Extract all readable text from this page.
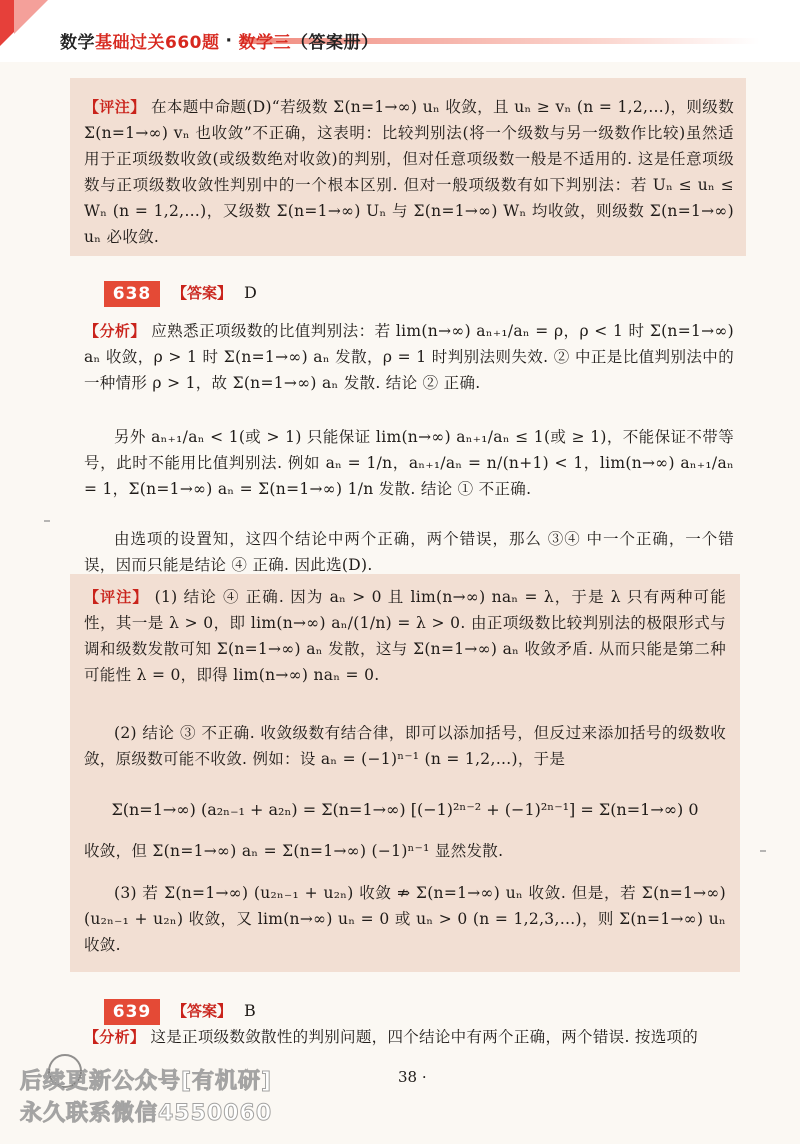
数学 基础过关660题 · 数学三 （答案册）

【评注】 在本题中命题(D)“若级数 Σ(n=1→∞) uₙ 收敛，且 uₙ ≥ vₙ (n = 1,2,…)，则级数 Σ(n=1→∞) vₙ 也收敛”不正确，这表明：比较判别法(将一个级数与另一级数作比较)虽然适用于正项级数收敛(或级数绝对收敛)的判别，但对任意项级数一般是不适用的. 这是任意项级数与正项级数收敛性判别中的一个根本区别. 但对一般项级数有如下判别法：若 Uₙ ≤ uₙ ≤ Wₙ (n = 1,2,…)，又级数 Σ(n=1→∞) Uₙ 与 Σ(n=1→∞) Wₙ 均收敛，则级数 Σ(n=1→∞) uₙ 必收敛.

638	【答案】 D

【分析】 应熟悉正项级数的比值判别法：若 lim(n→∞) aₙ₊₁/aₙ = ρ，ρ < 1 时 Σ(n=1→∞) aₙ 收敛，ρ > 1 时 Σ(n=1→∞) aₙ 发散，ρ = 1 时判别法则失效. ② 中正是比值判别法中的一种情形 ρ > 1，故 Σ(n=1→∞) aₙ 发散. 结论 ② 正确.

另外 aₙ₊₁/aₙ < 1(或 > 1) 只能保证 lim(n→∞) aₙ₊₁/aₙ ≤ 1(或 ≥ 1)，不能保证不带等号，此时不能用比值判别法. 例如 aₙ = 1/n，aₙ₊₁/aₙ = n/(n+1) < 1，lim(n→∞) aₙ₊₁/aₙ = 1，Σ(n=1→∞) aₙ = Σ(n=1→∞) 1/n 发散. 结论 ① 不正确.

由选项的设置知，这四个结论中两个正确，两个错误，那么 ③④ 中一个正确，一个错误，因而只能是结论 ④ 正确. 因此选(D).

【评注】 (1) 结论 ④ 正确. 因为 aₙ > 0 且 lim(n→∞) naₙ = λ，于是 λ 只有两种可能性，其一是 λ > 0，即 lim(n→∞) aₙ/(1/n) = λ > 0. 由正项级数比较判别法的极限形式与调和级数发散可知 Σ(n=1→∞) aₙ 发散，这与 Σ(n=1→∞) aₙ 收敛矛盾. 从而只能是第二种可能性 λ = 0，即得 lim(n→∞) naₙ = 0.

(2) 结论 ③ 不正确. 收敛级数有结合律，即可以添加括号，但反过来添加括号的级数收敛，原级数可能不收敛. 例如：设 aₙ = (−1)ⁿ⁻¹ (n = 1,2,…)，于是

Σ(n=1→∞) (a₂ₙ₋₁ + a₂ₙ) = Σ(n=1→∞) [(−1)²ⁿ⁻² + (−1)²ⁿ⁻¹] = Σ(n=1→∞) 0

收敛，但 Σ(n=1→∞) aₙ = Σ(n=1→∞) (−1)ⁿ⁻¹ 显然发散.

(3) 若 Σ(n=1→∞) (u₂ₙ₋₁ + u₂ₙ) 收敛 ⇏ Σ(n=1→∞) uₙ 收敛. 但是，若 Σ(n=1→∞) (u₂ₙ₋₁ + u₂ₙ) 收敛，又 lim(n→∞) uₙ = 0 或 uₙ > 0 (n = 1,2,3,…)，则 Σ(n=1→∞) uₙ 收敛.

639	【答案】 B

【分析】 这是正项级数敛散性的判别问题，四个结论中有两个正确，两个错误. 按选项的

38 ·
后续更新公众号[有机研]
永久联系微信4550060
